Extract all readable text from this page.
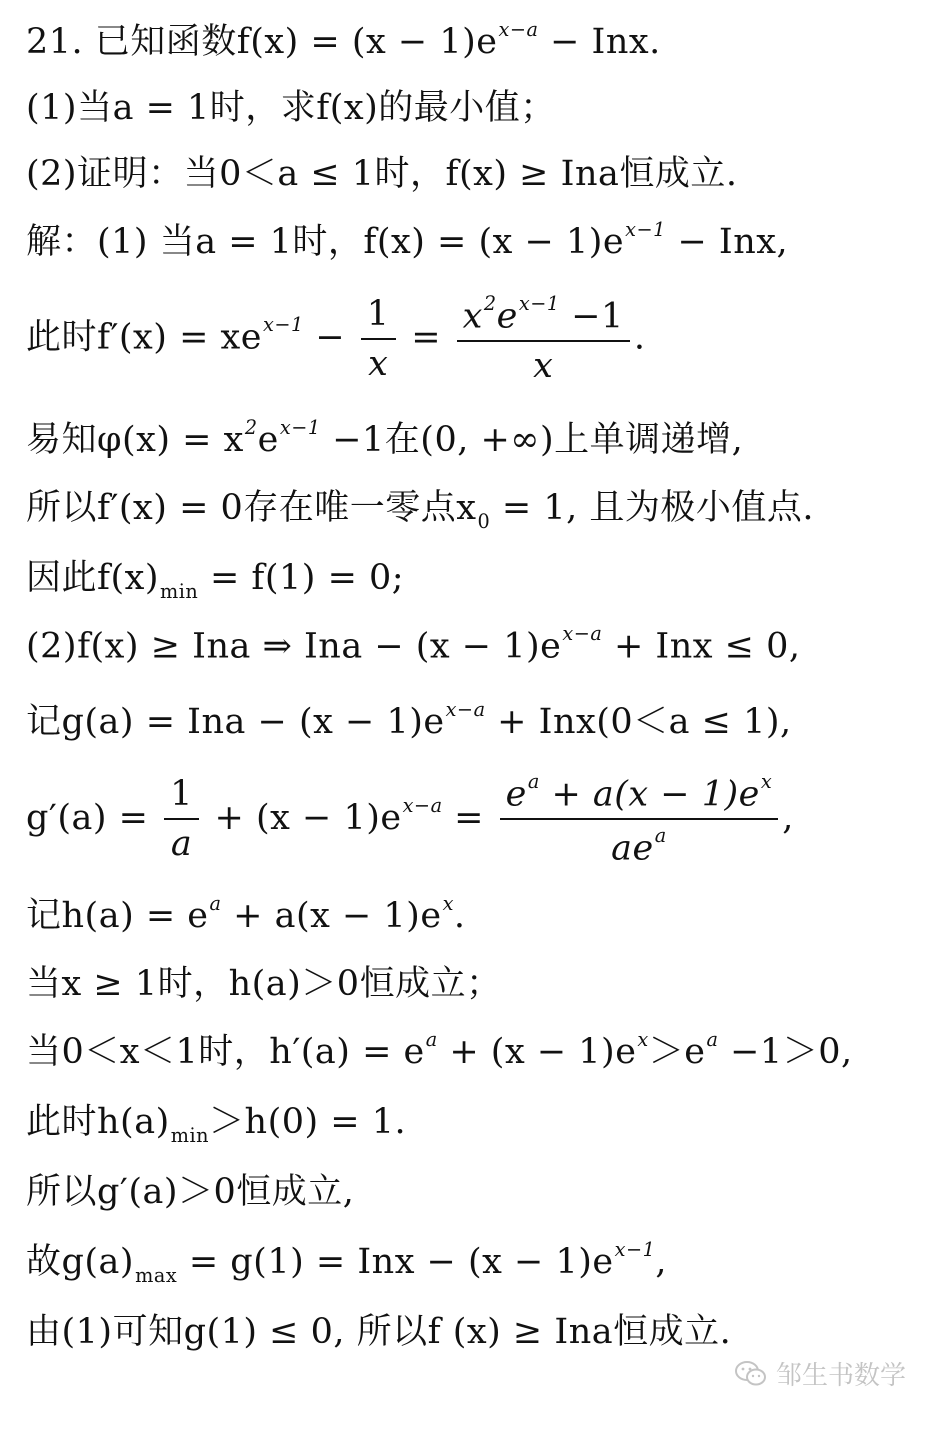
21. 已知函数$f(x) = (x - 1)e^{x-a}$ − Inx.
(1)当a = 1时，求f(x)的最小值；
(2)证明：当0＜a ≤ 1时，f(x) ≥ Ina恒成立.
解：(1) 当a = 1时，$f(x) = (x - 1)e^{x-1}$ − Inx,
此时$f'(x) = xe^{x-1} - \frac{1}{x} = \frac{x^2e^{x-1} -1}{x}$ .
易知$\varphi(x) = x^2e^{x-1} -1$在(0, +∞)上单调递增,
所以f′(x) = 0存在唯一零点$x_0 = 1$, 且为极小值点.
因此$f(x)_{min} = f(1) = 0$;
(2)f(x) ≥ Ina ⇒ Ina − $(x - 1)e^{x-a}$ + Inx ≤ 0,
记g(a) = Ina − $(x - 1)e^{x-a} + Inx(0<a \le 1)$,
$g'(a) = \frac{1}{a} + (x - 1)e^{x-a} = \frac{e^a + a(x - 1)e^x}{ae^a}$ ,
记$h(a) = e^a + a(x - 1)e^x$.
当x ≥ 1时，h(a)＞0恒成立；
当0＜x＜1时，$h'(a) = e^a + (x - 1)e^x>e^a -1>0$,
此时$h(a)_{min}>h(0) = 1$.
所以g′(a)＞0恒成立,
故$g(a)_{max} = g(1)$ = Inx − $(x - 1)e^{x-1}$,
由(1)可知g(1) ≤ 0, 所以f (x) ≥ Ina恒成立.
邹生书数学
